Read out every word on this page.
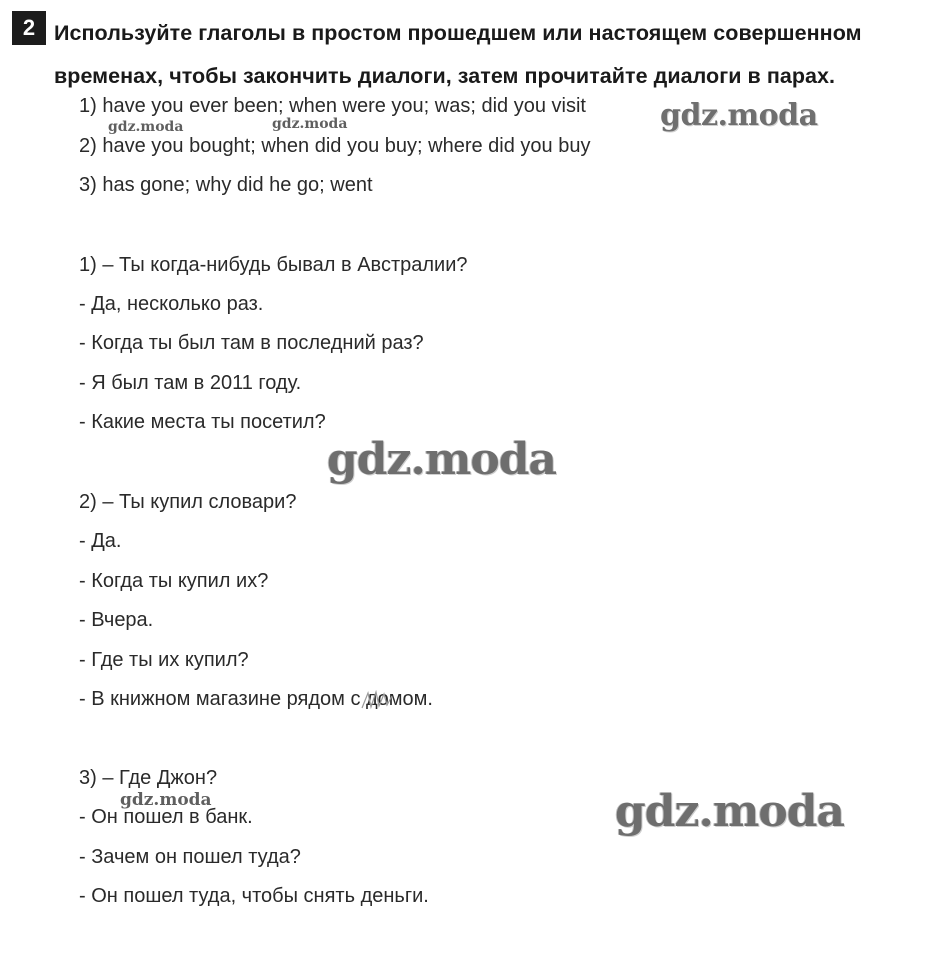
2 Используйте глаголы в простом прошедшем или настоящем совершенном временах, чтобы закончить диалоги, затем прочитайте диалоги в парах.
1) have you ever been; when were you; was; did you visit
2) have you bought; when did you buy; where did you buy
3) has gone; why did he go; went
1) – Ты когда-нибудь бывал в Австралии?
- Да, несколько раз.
- Когда ты был там в последний раз?
- Я был там в 2011 году.
- Какие места ты посетил?
2) – Ты купил словари?
- Да.
- Когда ты купил их?
- Вчера.
- Где ты их купил?
- В книжном магазине рядом с домом.
3) – Где Джон?
- Он пошел в банк.
- Зачем он пошел туда?
- Он пошел туда, чтобы снять деньги.
gdz.moda
gdz.moda	gdz.moda
gdz.moda
gdz.moda	gdz.moda
